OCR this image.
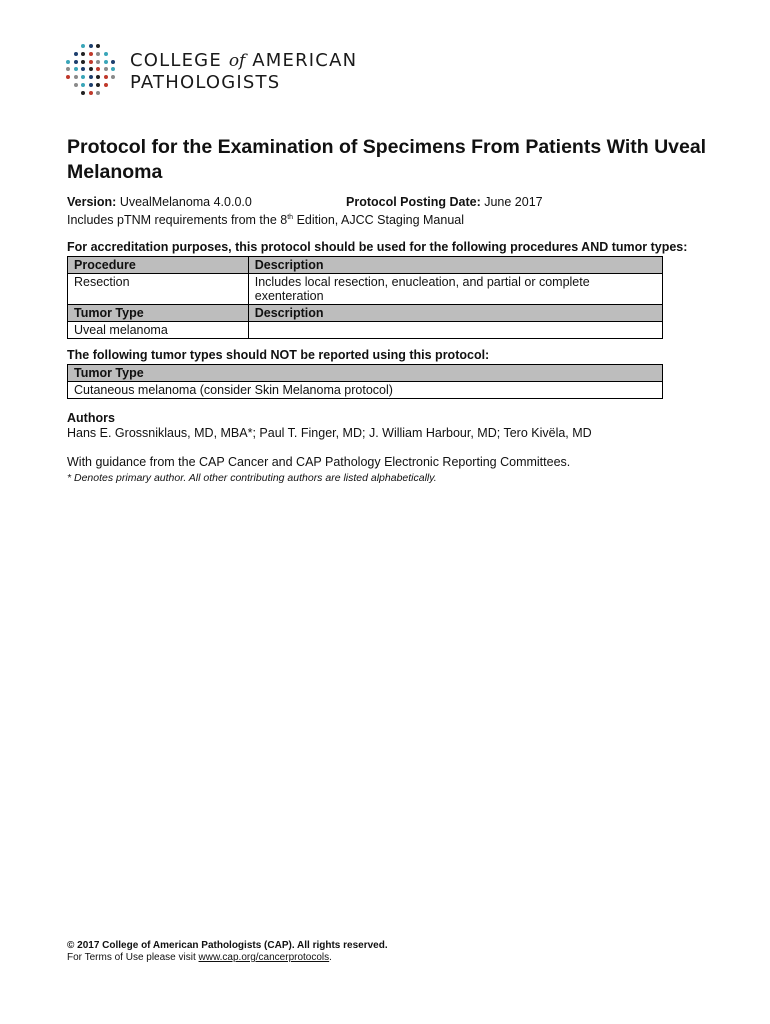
COLLEGE of AMERICAN
PATHOLOGISTS
Protocol for the Examination of Specimens From Patients With Uveal Melanoma
Version: UvealMelanoma 4.0.0.0	Protocol Posting Date: June 2017
Includes pTNM requirements from the 8th Edition, AJCC Staging Manual
For accreditation purposes, this protocol should be used for the following procedures AND tumor types:
Procedure	Description
Resection	Includes local resection, enucleation, and partial or complete exenteration
Tumor Type	Description
Uveal melanoma	
The following tumor types should NOT be reported using this protocol:
Tumor Type
Cutaneous melanoma (consider Skin Melanoma protocol)
Authors
Hans E. Grossniklaus, MD, MBA*; Paul T. Finger, MD; J. William Harbour, MD; Tero Kivëla, MD
With guidance from the CAP Cancer and CAP Pathology Electronic Reporting Committees.
* Denotes primary author. All other contributing authors are listed alphabetically.
© 2017 College of American Pathologists (CAP). All rights reserved.
For Terms of Use please visit www.cap.org/cancerprotocols.
